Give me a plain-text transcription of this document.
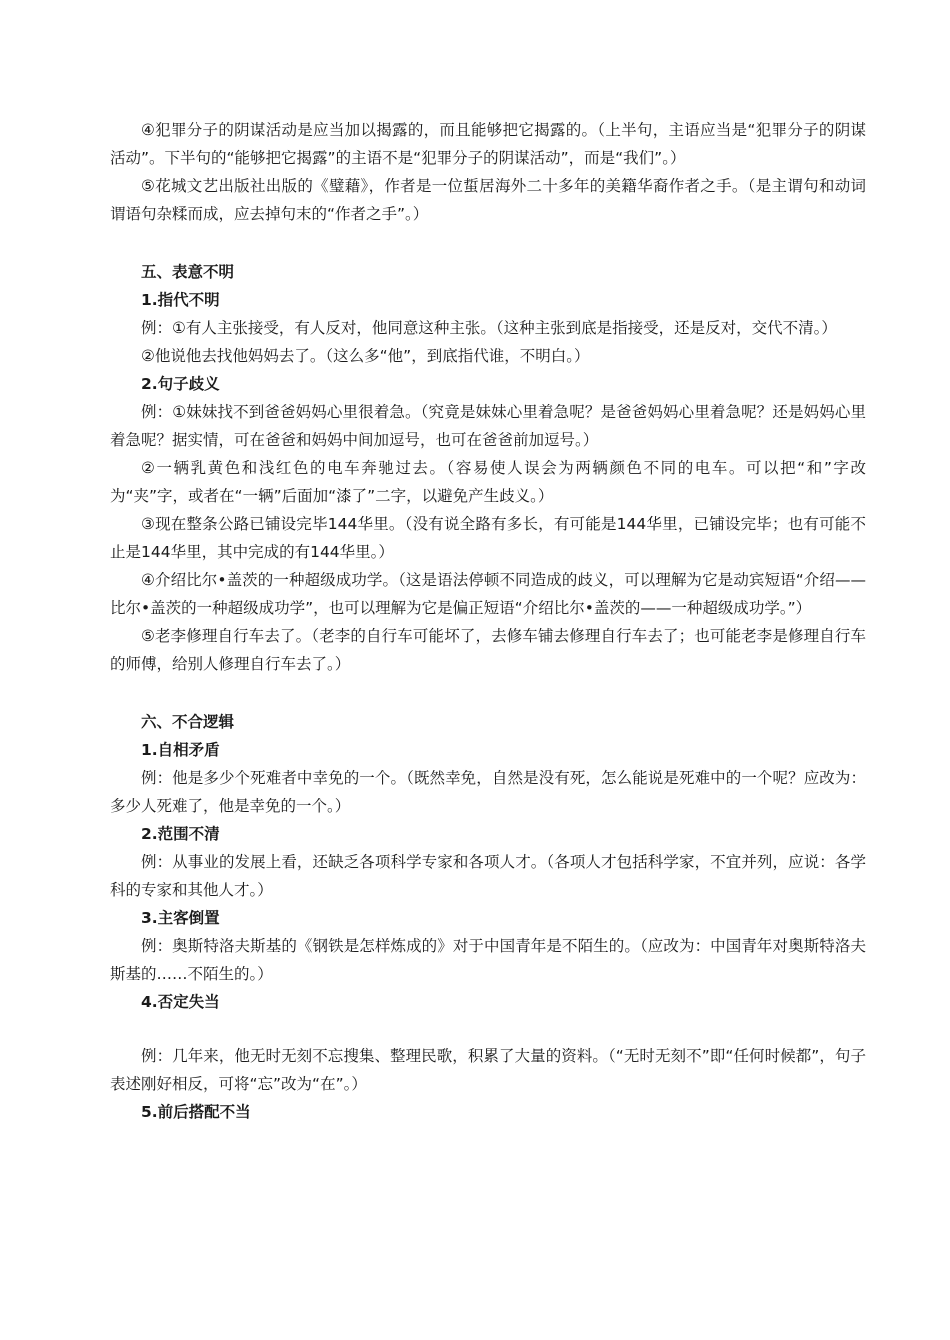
④犯罪分子的阴谋活动是应当加以揭露的，而且能够把它揭露的。（上半句，主语应当是“犯罪分子的阴谋活动”。下半句的“能够把它揭露”的主语不是“犯罪分子的阴谋活动”，而是“我们”。）

⑤花城文艺出版社出版的《璧藉》，作者是一位蜇居海外二十多年的美籍华裔作者之手。（是主谓句和动词谓语句杂糅而成，应去掉句末的“作者之手”。）

五、表意不明

1.指代不明

例：①有人主张接受，有人反对，他同意这种主张。（这种主张到底是指接受，还是反对，交代不清。）

②他说他去找他妈妈去了。（这么多“他”，到底指代谁，不明白。）

2.句子歧义

例：①妹妹找不到爸爸妈妈心里很着急。（究竟是妹妹心里着急呢？是爸爸妈妈心里着急呢？还是妈妈心里着急呢？据实情，可在爸爸和妈妈中间加逗号，也可在爸爸前加逗号。）

②一辆乳黄色和浅红色的电车奔驰过去。（容易使人误会为两辆颜色不同的电车。可以把“和”字改为“夹”字，或者在“一辆”后面加“漆了”二字，以避免产生歧义。）

③现在整条公路已铺设完毕144华里。（没有说全路有多长，有可能是144华里，已铺设完毕；也有可能不止是144华里，其中完成的有144华里。）

④介绍比尔•盖茨的一种超级成功学。（这是语法停顿不同造成的歧义，可以理解为它是动宾短语“介绍——比尔•盖茨的一种超级成功学”，也可以理解为它是偏正短语“介绍比尔•盖茨的——一种超级成功学。”）

⑤老李修理自行车去了。（老李的自行车可能坏了，去修车铺去修理自行车去了；也可能老李是修理自行车的师傅，给别人修理自行车去了。）

六、不合逻辑

1.自相矛盾

例：他是多少个死难者中幸免的一个。（既然幸免，自然是没有死，怎么能说是死难中的一个呢？应改为：多少人死难了，他是幸免的一个。）

2.范围不清

例：从事业的发展上看，还缺乏各项科学专家和各项人才。（各项人才包括科学家，不宜并列，应说：各学科的专家和其他人才。）

3.主客倒置

例：奥斯特洛夫斯基的《钢铁是怎样炼成的》对于中国青年是不陌生的。（应改为：中国青年对奥斯特洛夫斯基的……不陌生的。）

4.否定失当

例：几年来，他无时无刻不忘搜集、整理民歌，积累了大量的资料。（“无时无刻不”即“任何时候都”，句子表述刚好相反，可将“忘”改为“在”。）

5.前后搭配不当
